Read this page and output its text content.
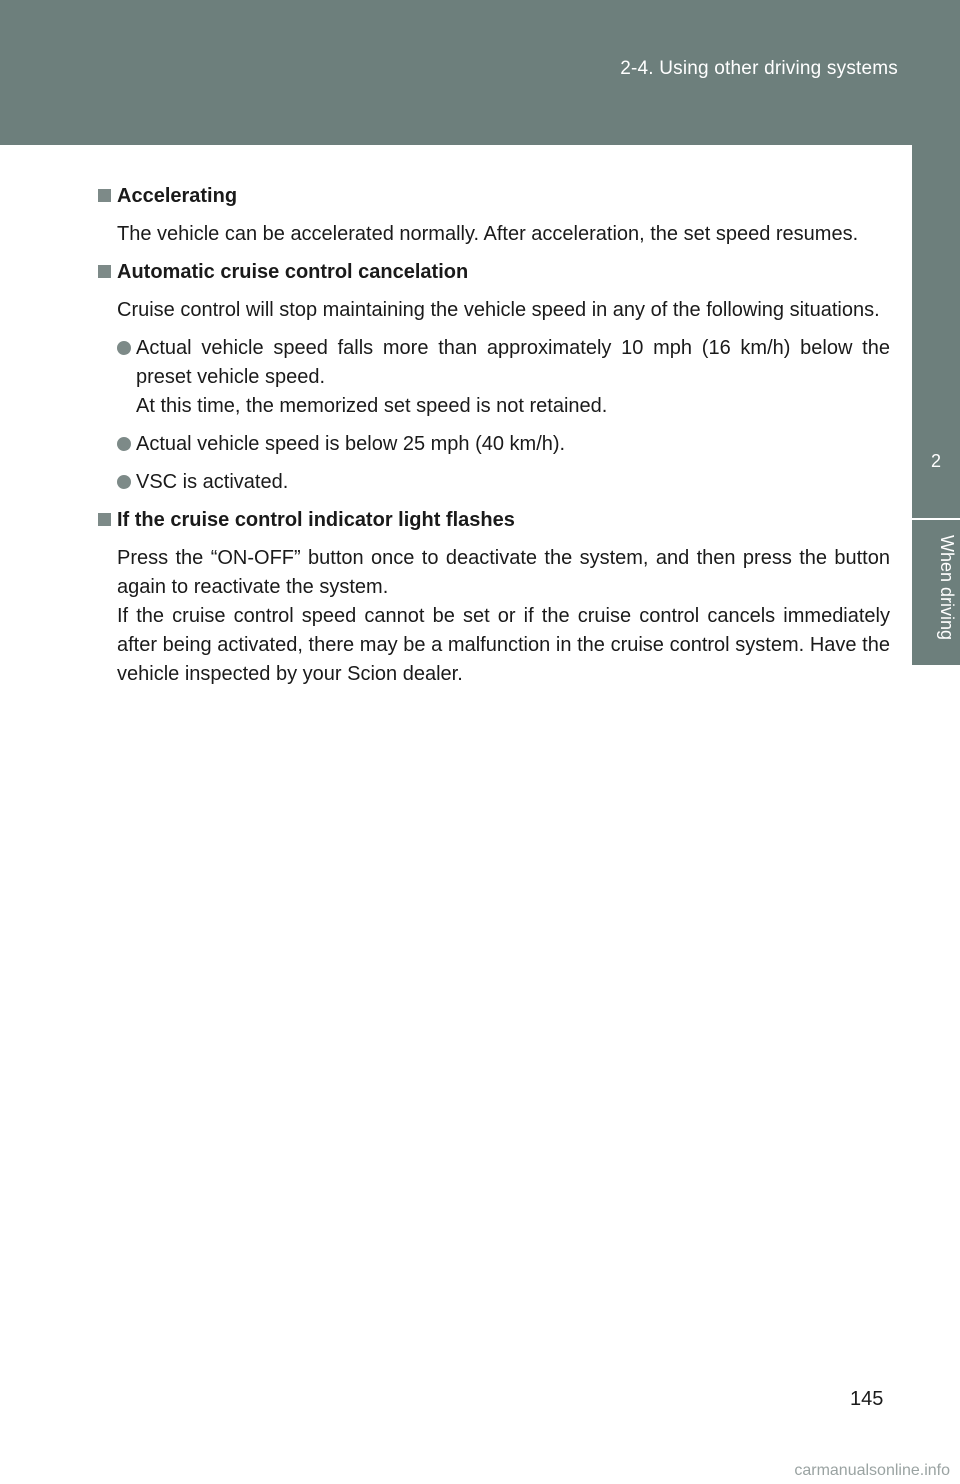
2-4. Using other driving systems
2
When driving
Accelerating
The vehicle can be accelerated normally. After acceleration, the set speed resumes.
Automatic cruise control cancelation
Cruise control will stop maintaining the vehicle speed in any of the following situations.
Actual vehicle speed falls more than approximately 10 mph (16 km/h) below the preset vehicle speed.
At this time, the memorized set speed is not retained.
Actual vehicle speed is below 25 mph (40 km/h).
VSC is activated.
If the cruise control indicator light flashes
Press the “ON-OFF” button once to deactivate the system, and then press the button again to reactivate the system.
If the cruise control speed cannot be set or if the cruise control cancels immediately after being activated, there may be a malfunction in the cruise control system. Have the vehicle inspected by your Scion dealer.
145
carmanualsonline.info
